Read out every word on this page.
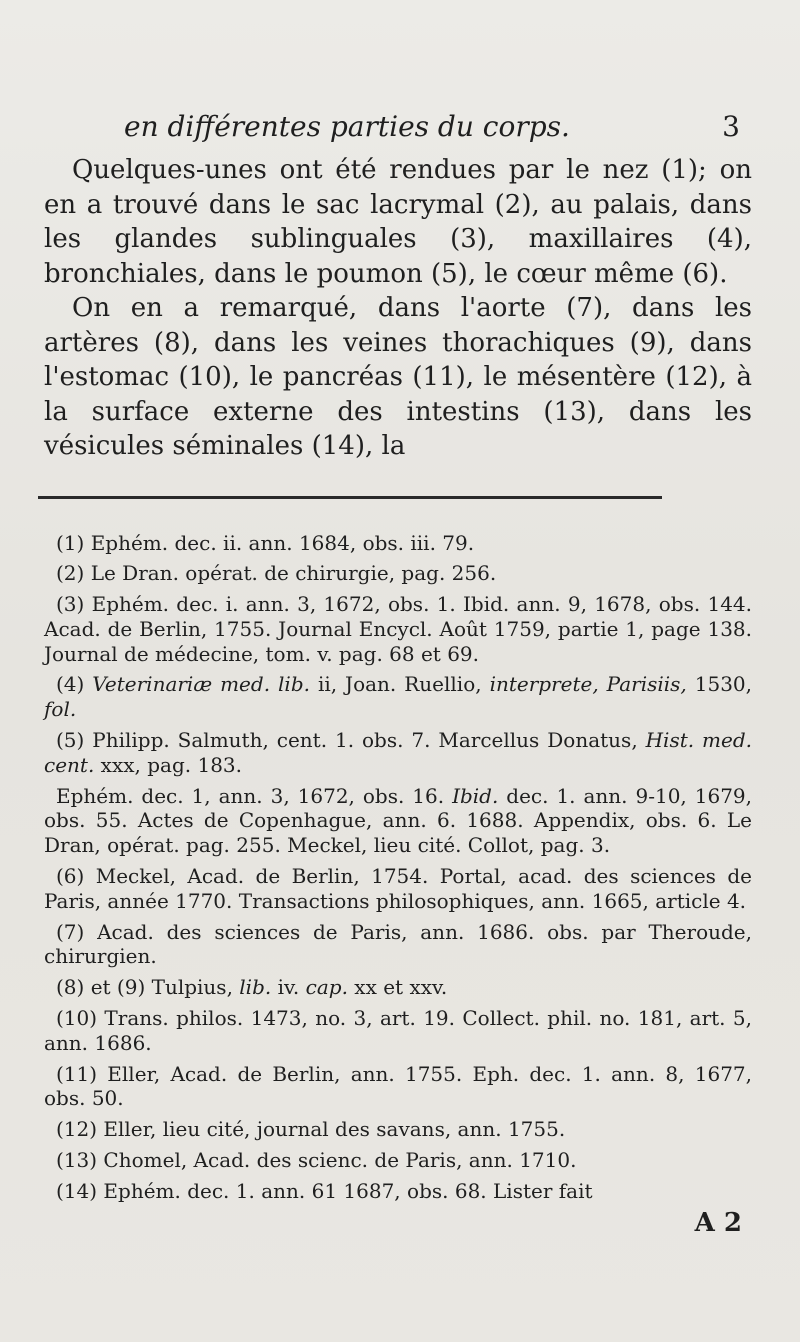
en différentes parties du corps.	3

Quelques-unes ont été rendues par le nez (1); on en a trouvé dans le sac lacrymal (2), au palais, dans les glandes sublinguales (3), maxillaires (4), bronchiales, dans le poumon (5), le cœur même (6).

On en a remarqué, dans l'aorte (7), dans les artères (8), dans les veines thorachiques (9), dans l'estomac (10), le pancréas (11), le mésentère (12), à la surface externe des intestins (13), dans les vésicules séminales (14), la

(1) Ephém. dec. ii. ann. 1684, obs. iii. 79.

(2) Le Dran. opérat. de chirurgie, pag. 256.

(3) Ephém. dec. i. ann. 3, 1672, obs. 1. Ibid. ann. 9, 1678, obs. 144. Acad. de Berlin, 1755. Journal Encycl. Août 1759, partie 1, page 138. Journal de médecine, tom. v. pag. 68 et 69.

(4) Veterinariæ med. lib. ii, Joan. Ruellio, interprete, Parisiis, 1530, fol.

(5) Philipp. Salmuth, cent. 1. obs. 7. Marcellus Donatus, Hist. med. cent. xxx, pag. 183.

Ephém. dec. 1, ann. 3, 1672, obs. 16. Ibid. dec. 1. ann. 9-10, 1679, obs. 55. Actes de Copenhague, ann. 6. 1688. Appendix, obs. 6. Le Dran, opérat. pag. 255. Meckel, lieu cité. Collot, pag. 3.

(6) Meckel, Acad. de Berlin, 1754. Portal, acad. des sciences de Paris, année 1770. Transactions philosophiques, ann. 1665, article 4.

(7) Acad. des sciences de Paris, ann. 1686. obs. par Theroude, chirurgien.

(8) et (9) Tulpius, lib. iv. cap. xx et xxv.

(10) Trans. philos. 1473, no. 3, art. 19. Collect. phil. no. 181, art. 5, ann. 1686.

(11) Eller, Acad. de Berlin, ann. 1755. Eph. dec. 1. ann. 8, 1677, obs. 50.

(12) Eller, lieu cité, journal des savans, ann. 1755.

(13) Chomel, Acad. des scienc. de Paris, ann. 1710.

(14) Ephém. dec. 1. ann. 61 1687, obs. 68. Lister fait

A 2
